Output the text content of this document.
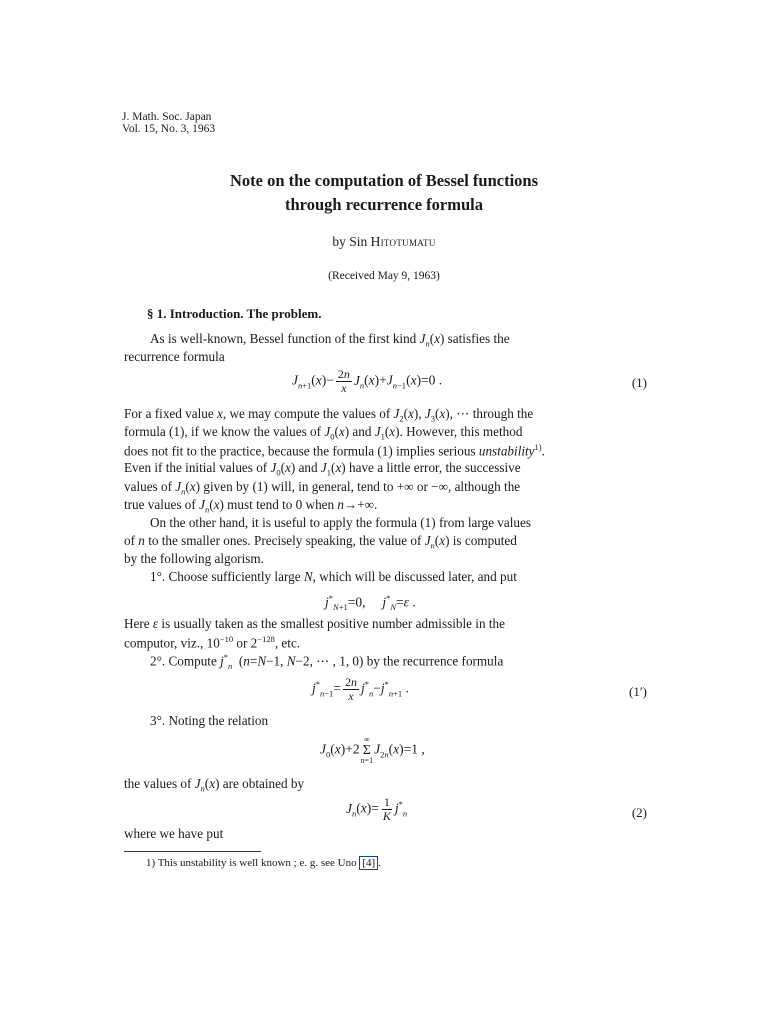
J. Math. Soc. Japan
Vol. 15, No. 3, 1963
Note on the computation of Bessel functions
through recurrence formula
by Sin Hitotumatu
(Received May 9, 1963)
§ 1. Introduction. The problem.
As is well-known, Bessel function of the first kind $J_n(x)$ satisfies the
recurrence formula
$J_{n+1}(x)- \frac{2n}{x} J_n(x)+J_{n-1}(x)=0$ .	(1)
For a fixed value x, we may compute the values of $J_2(x)$, $J_3(x)$, ⋯ through the
formula (1), if we know the values of $J_0(x)$ and $J_1(x)$. However, this method
does not fit to the practice, because the formula (1) implies serious unstability$^{1)}$.
Even if the initial values of $J_0(x)$ and $J_1(x)$ have a little error, the successive
values of $J_n(x)$ given by (1) will, in general, tend to +∞ or −∞, although the
true values of $J_n(x)$ must tend to 0 when n→+∞.
On the other hand, it is useful to apply the formula (1) from large values
of n to the smaller ones. Precisely speaking, the value of $J_n(x)$ is computed
by the following algorism.
1°. Choose sufficiently large N, which will be discussed later, and put
$j^*_{N+1}=0$,     $j^*_N=\varepsilon$ .
Here ε is usually taken as the smallest positive number admissible in the
computor, viz., $10^{-10}$ or $2^{-128}$, etc.
2°. Compute $j^*_n$  (n=N−1, N−2, ⋯ , 1, 0) by the recurrence formula
$j^*_{n-1}= \frac{2n}{x} j^*_n-j^*_{n+1}$ .	(1′)
3°. Noting the relation
$J_0(x)+2$
∞
Σ
n=1
$J_{2n}(x)=1$ ,
the values of $J_n(x)$ are obtained by
$J_n(x)= \frac{1}{K} j^*_n$	(2)
where we have put
1) This unstability is well known ; e. g. see Uno [4] .
